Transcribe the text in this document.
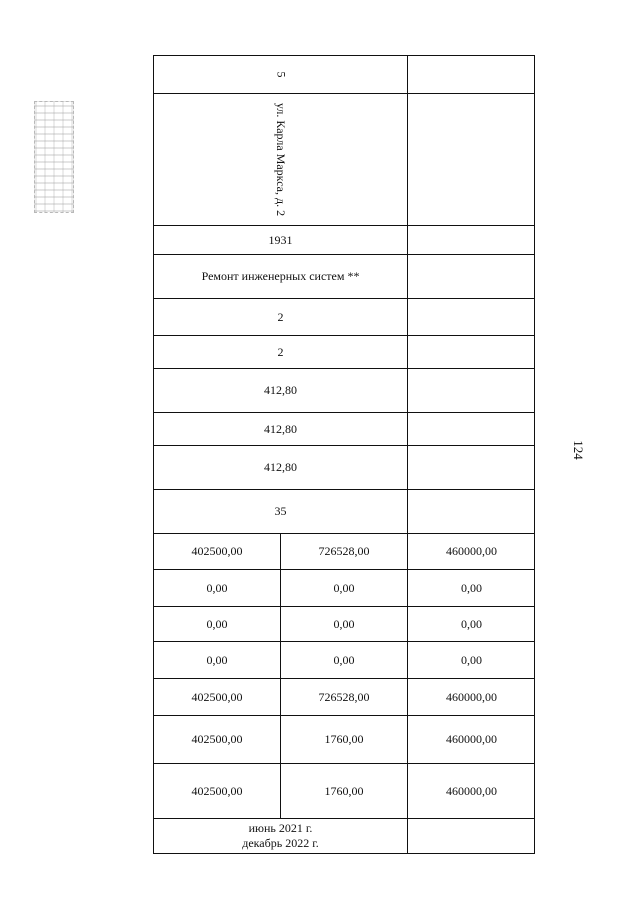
124
5
ул. Карла Маркса, д. 2
1931
Ремонт инженерных систем **
2
2
412,80
412,80
412,80
35
402500,00	726528,00	460000,00
0,00	0,00	0,00
0,00	0,00	0,00
0,00	0,00	0,00
402500,00	726528,00	460000,00
402500,00	1760,00	460000,00
402500,00	1760,00	460000,00
июнь 2021 г.
декабрь 2022 г.
